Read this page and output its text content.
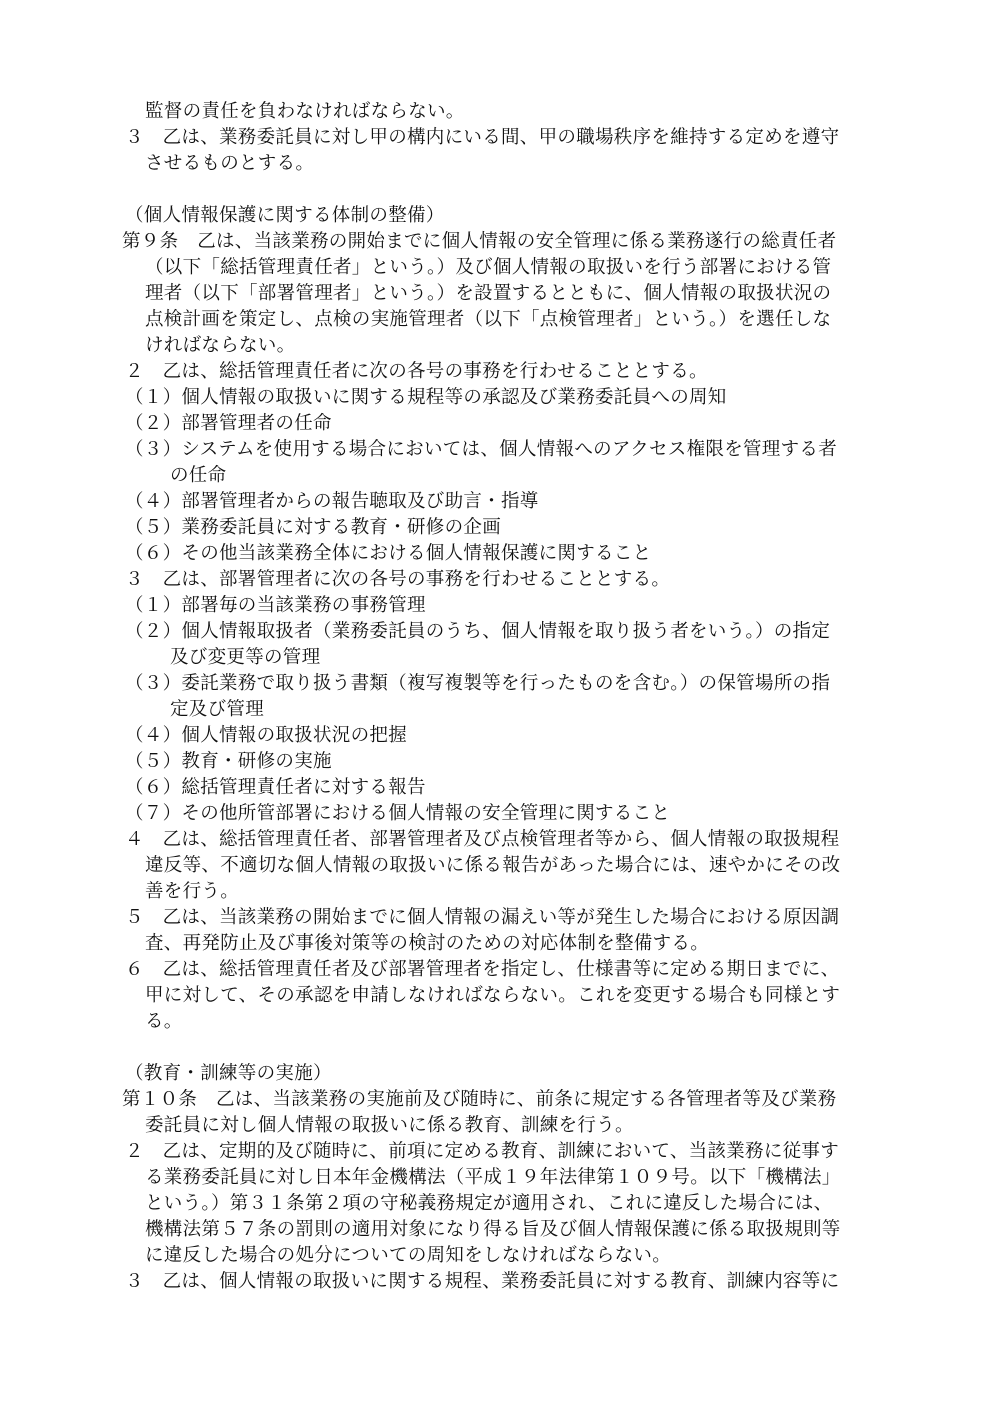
監督の責任を負わなければならない。
３　乙は、業務委託員に対し甲の構内にいる間、甲の職場秩序を維持する定めを遵守
させるものとする。
（個人情報保護に関する体制の整備）
第９条　乙は、当該業務の開始までに個人情報の安全管理に係る業務遂行の総責任者
（以下「総括管理責任者」という。）及び個人情報の取扱いを行う部署における管
理者（以下「部署管理者」という。）を設置するとともに、個人情報の取扱状況の
点検計画を策定し、点検の実施管理者（以下「点検管理者」という。）を選任しな
ければならない。
２　乙は、総括管理責任者に次の各号の事務を行わせることとする。
（１）個人情報の取扱いに関する規程等の承認及び業務委託員への周知
（２）部署管理者の任命
（３）システムを使用する場合においては、個人情報へのアクセス権限を管理する者
の任命
（４）部署管理者からの報告聴取及び助言・指導
（５）業務委託員に対する教育・研修の企画
（６）その他当該業務全体における個人情報保護に関すること
３　乙は、部署管理者に次の各号の事務を行わせることとする。
（１）部署毎の当該業務の事務管理
（２）個人情報取扱者（業務委託員のうち、個人情報を取り扱う者をいう。）の指定
及び変更等の管理
（３）委託業務で取り扱う書類（複写複製等を行ったものを含む。）の保管場所の指
定及び管理
（４）個人情報の取扱状況の把握
（５）教育・研修の実施
（６）総括管理責任者に対する報告
（７）その他所管部署における個人情報の安全管理に関すること
４　乙は、総括管理責任者、部署管理者及び点検管理者等から、個人情報の取扱規程
違反等、不適切な個人情報の取扱いに係る報告があった場合には、速やかにその改
善を行う。
５　乙は、当該業務の開始までに個人情報の漏えい等が発生した場合における原因調
査、再発防止及び事後対策等の検討のための対応体制を整備する。
６　乙は、総括管理責任者及び部署管理者を指定し、仕様書等に定める期日までに、
甲に対して、その承認を申請しなければならない。これを変更する場合も同様とす
る。
（教育・訓練等の実施）
第１０条　乙は、当該業務の実施前及び随時に、前条に規定する各管理者等及び業務
委託員に対し個人情報の取扱いに係る教育、訓練を行う。
２　乙は、定期的及び随時に、前項に定める教育、訓練において、当該業務に従事す
る業務委託員に対し日本年金機構法（平成１９年法律第１０９号。以下「機構法」
という。）第３１条第２項の守秘義務規定が適用され、これに違反した場合には、
機構法第５７条の罰則の適用対象になり得る旨及び個人情報保護に係る取扱規則等
に違反した場合の処分についての周知をしなければならない。
３　乙は、個人情報の取扱いに関する規程、業務委託員に対する教育、訓練内容等に
